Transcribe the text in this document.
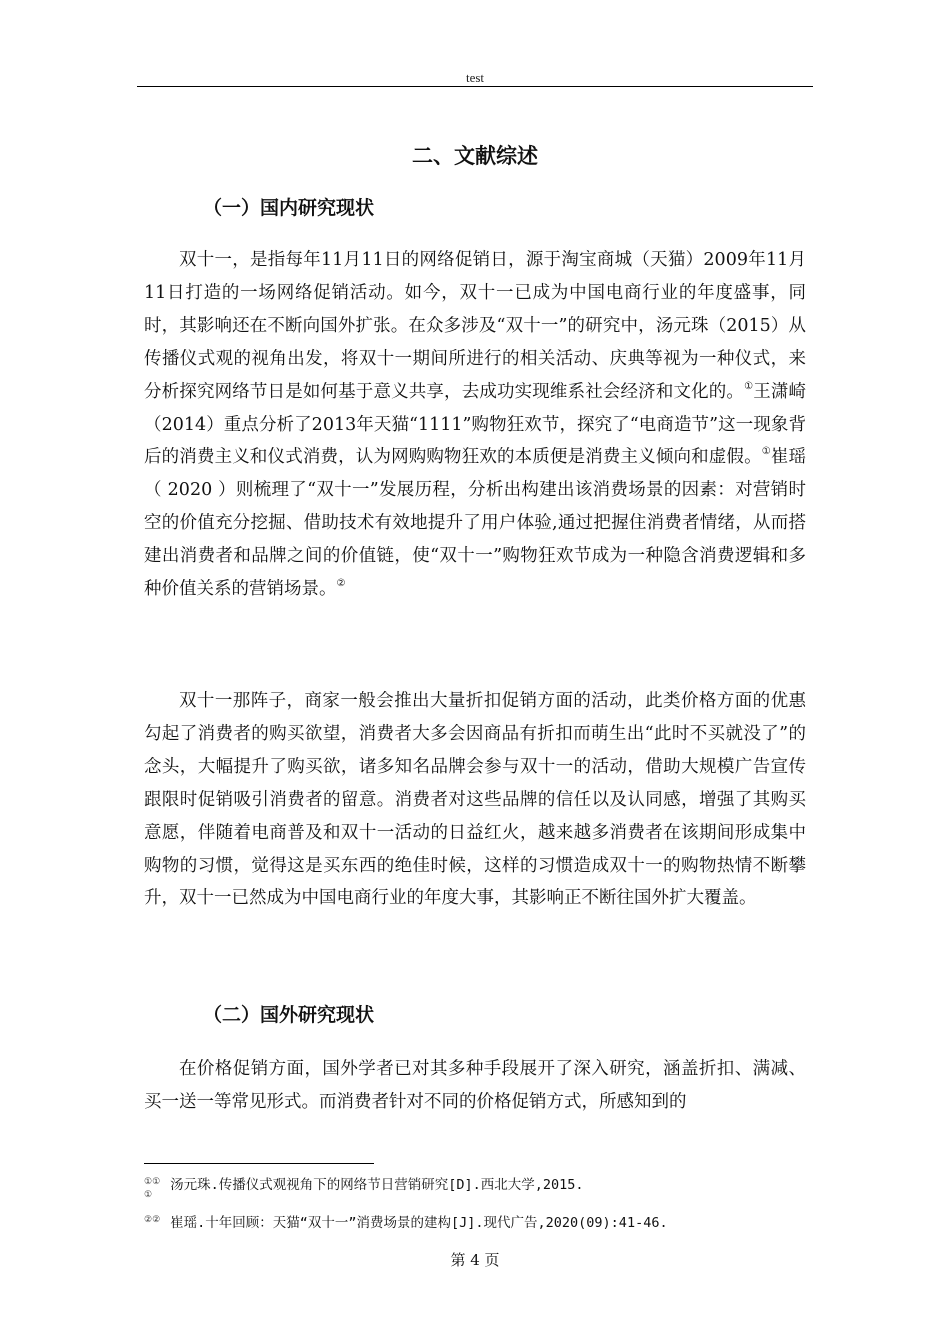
test
二、文献综述
（一）国内研究现状

双十一，是指每年11月11日的网络促销日，源于淘宝商城（天猫）2009年11月11日打造的一场网络促销活动。如今，双十一已成为中国电商行业的年度盛事，同时，其影响还在不断向国外扩张。在众多涉及“双十一”的研究中，汤元珠（2015）从传播仪式观的视角出发，将双十一期间所进行的相关活动、庆典等视为一种仪式，来分析探究网络节日是如何基于意义共享，去成功实现维系社会经济和文化的。①王潇崎（2014）重点分析了2013年天猫“1111”购物狂欢节，探究了“电商造节”这一现象背后的消费主义和仪式消费，认为网购购物狂欢的本质便是消费主义倾向和虚假。①崔瑶（ 2020 ）则梳理了“双十一”发展历程，分析出构建出该消费场景的因素：对营销时空的价值充分挖掘、借助技术有效地提升了用户体验,通过把握住消费者情绪，从而搭建出消费者和品牌之间的价值链，使“双十一”购物狂欢节成为一种隐含消费逻辑和多种价值关系的营销场景。②

双十一那阵子，商家一般会推出大量折扣促销方面的活动，此类价格方面的优惠勾起了消费者的购买欲望，消费者大多会因商品有折扣而萌生出“此时不买就没了”的念头，大幅提升了购买欲，诸多知名品牌会参与双十一的活动，借助大规模广告宣传跟限时促销吸引消费者的留意。消费者对这些品牌的信任以及认同感，增强了其购买意愿，伴随着电商普及和双十一活动的日益红火，越来越多消费者在该期间形成集中购物的习惯，觉得这是买东西的绝佳时候，这样的习惯造成双十一的购物热情不断攀升，双十一已然成为中国电商行业的年度大事，其影响正不断往国外扩大覆盖。

（二）国外研究现状

在价格促销方面，国外学者已对其多种手段展开了深入研究，涵盖折扣、满减、买一送一等常见形式。而消费者针对不同的价格促销方式，所感知到的

①① 汤元珠.传播仪式观视角下的网络节日营销研究[D].西北大学,2015.
①
②② 崔瑶.十年回顾：天猫“双十一”消费场景的建构[J].现代广告,2020(09):41-46.
第 4 页
